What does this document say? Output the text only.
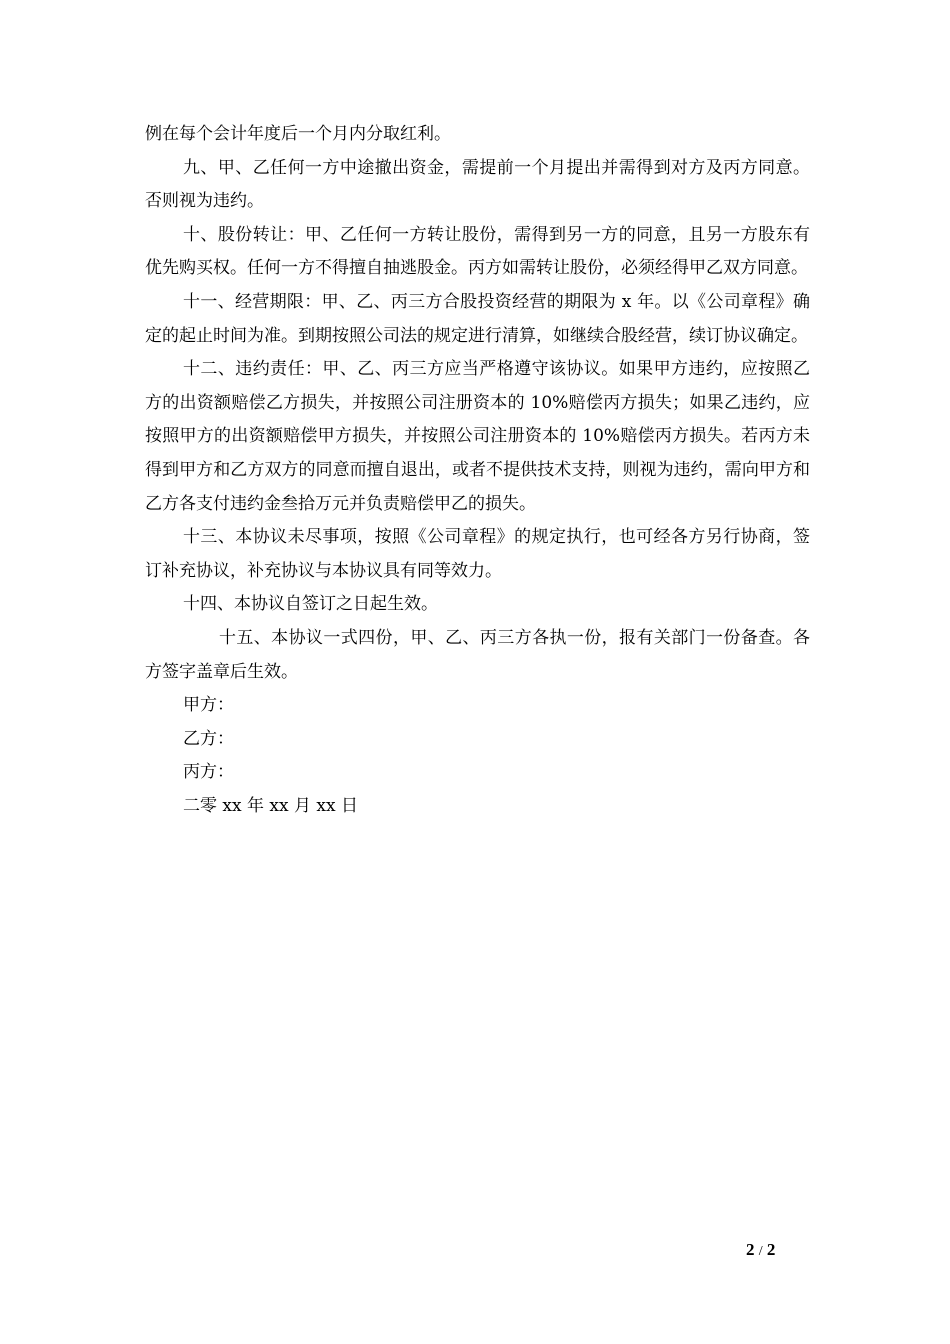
例在每个会计年度后一个月内分取红利。

九、甲、乙任何一方中途撤出资金，需提前一个月提出并需得到对方及丙方同意。否则视为违约。

十、股份转让：甲、乙任何一方转让股份，需得到另一方的同意，且另一方股东有优先购买权。任何一方不得擅自抽逃股金。丙方如需转让股份，必须经得甲乙双方同意。

十一、经营期限：甲、乙、丙三方合股投资经营的期限为 x 年。以《公司章程》确定的起止时间为准。到期按照公司法的规定进行清算，如继续合股经营，续订协议确定。

十二、违约责任：甲、乙、丙三方应当严格遵守该协议。如果甲方违约，应按照乙方的出资额赔偿乙方损失，并按照公司注册资本的 10%赔偿丙方损失；如果乙违约，应按照甲方的出资额赔偿甲方损失，并按照公司注册资本的 10%赔偿丙方损失。若丙方未得到甲方和乙方双方的同意而擅自退出，或者不提供技术支持，则视为违约，需向甲方和乙方各支付违约金叁拾万元并负责赔偿甲乙的损失。

十三、本协议未尽事项，按照《公司章程》的规定执行，也可经各方另行协商，签订补充协议，补充协议与本协议具有同等效力。

十四、本协议自签订之日起生效。

十五、本协议一式四份，甲、乙、丙三方各执一份，报有关部门一份备查。各方签字盖章后生效。

甲方：

乙方：

丙方：

二零 xx 年 xx 月 xx 日

2 / 2
